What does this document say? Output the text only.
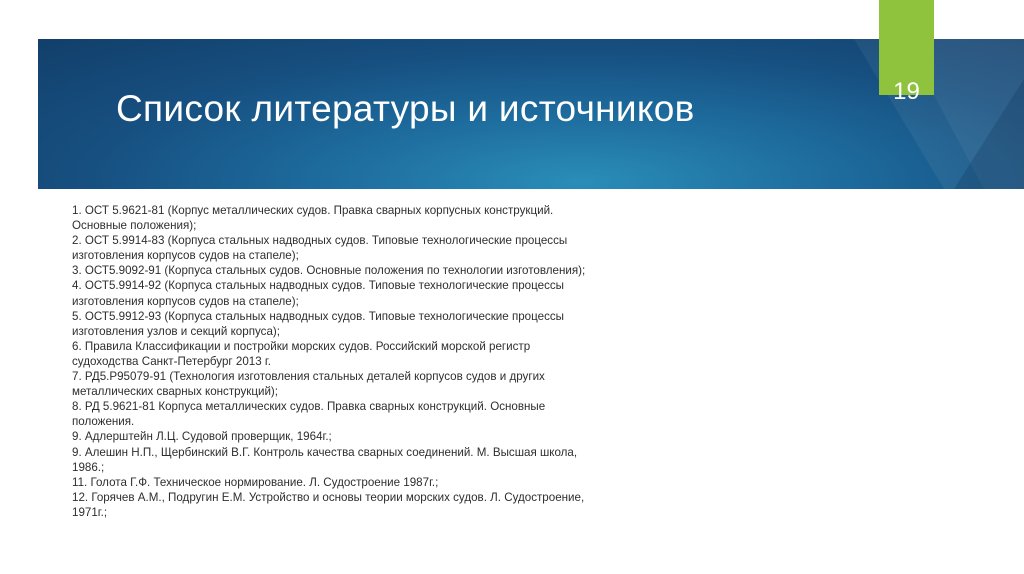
Список литературы и источников	19
1. ОСТ 5.9621-81 (Корпус металлических судов. Правка сварных корпусных конструкций. Основные положения);
2. ОСТ 5.9914-83 (Корпуса стальных надводных судов. Типовые технологические процессы изготовления корпусов судов на стапеле);
3. ОСТ5.9092-91 (Корпуса стальных судов. Основные положения по технологии изготовления);
4. ОСТ5.9914-92 (Корпуса стальных надводных судов. Типовые технологические процессы изготовления корпусов судов на стапеле);
5. ОСТ5.9912-93 (Корпуса стальных надводных судов. Типовые технологические процессы изготовления узлов и секций корпуса);
6. Правила Классификации и постройки морских судов. Российский морской регистр судоходства Санкт-Петербург 2013 г.
7. РД5.Р95079-91 (Технология изготовления стальных деталей корпусов судов и других металлических сварных конструкций);
8. РД 5.9621-81 Корпуса металлических судов. Правка сварных конструкций. Основные положения.
9. Адлерштейн Л.Ц. Судовой проверщик, 1964г.;
9. Алешин Н.П., Щербинский В.Г. Контроль качества сварных соединений. М. Высшая школа, 1986.;
11. Голота Г.Ф. Техническое нормирование. Л. Судостроение 1987г.;
12. Горячев А.М., Подругин Е.М. Устройство и основы теории морских судов. Л. Судостроение, 1971г.;
